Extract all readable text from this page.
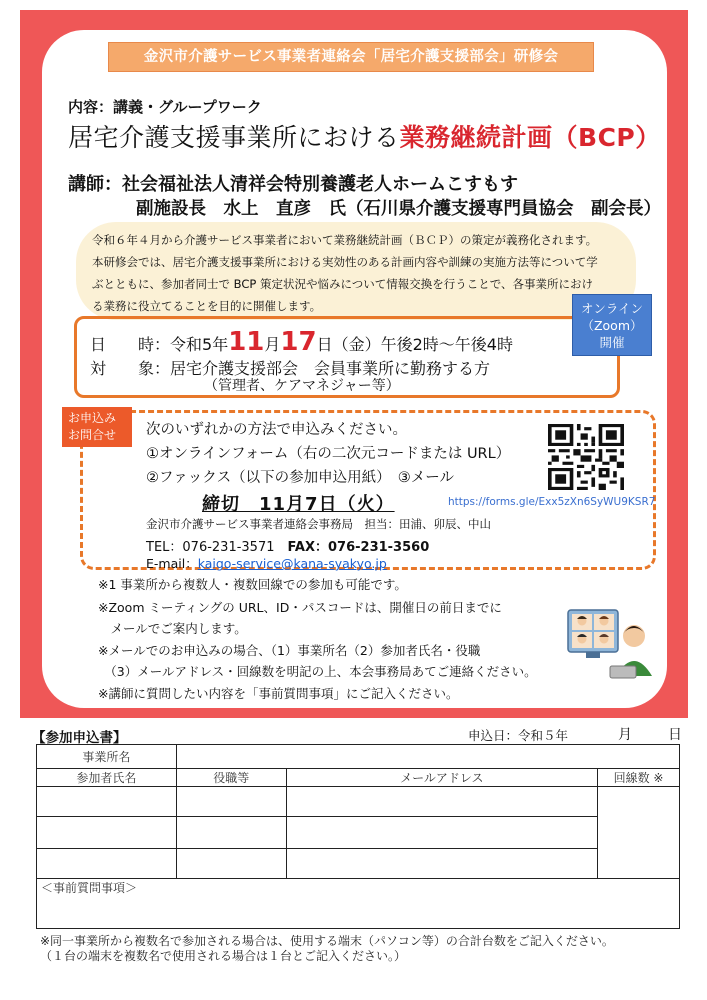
金沢市介護サービス事業者連絡会「居宅介護支援部会」研修会
内容：講義・グループワーク
居宅介護支援事業所における業務継続計画（BCP）
講師：社会福祉法人清祥会特別養護老人ホームこすもす
副施設長　水上　直彦　氏（石川県介護支援専門員協会　副会長）
令和６年４月から介護サービス事業者において業務継続計画（ＢＣＰ）の策定が義務化されます。
本研修会では、居宅介護支援事業所における実効性のある計画内容や訓練の実施方法等について学
ぶとともに、参加者同士で BCP 策定状況や悩みについて情報交換を行うことで、各事業所におけ
る業務に役立てることを目的に開催します。
日　　時：令和5年11月17日（金）午後2時～午後4時
対　　象：居宅介護支援部会　会員事業所に勤務する方
（管理者、ケアマネジャー等）
オンライン
（Zoom）
開催
お申込み
お問合せ	次のいずれかの方法で申込みください。
①オンラインフォーム（右の二次元コードまたは URL）
②ファックス（以下の参加申込用紙）　③メール
https://forms.gle/Exx5zXn6SyWU9KSR7
締切　11月7日（火）
金沢市介護サービス事業者連絡会事務局　担当：田浦、卯辰、中山
TEL：076-231-3571　 FAX：076-231-3560
E-mail：kaigo-service@kana-syakyo.jp
※1 事業所から複数人・複数回線での参加も可能です。
※Zoom ミーティングの URL、ID・パスコードは、開催日の前日までに
　メールでご案内します。
※メールでのお申込みの場合、（1）事業所名（2）参加者氏名・役職
　（3）メールアドレス・回線数を明記の上、本会事務局あてご連絡ください。
※講師に質問したい内容を「事前質問事項」にご記入ください。
【参加申込書】	申込日：令和５年	月	日
事業所名			
参加者氏名	役職等	メールアドレス	回線数 ※

＜事前質問事項＞			
※同一事業所から複数名で参加される場合は、使用する端末（パソコン等）の合計台数をご記入ください。
（１台の端末を複数名で使用される場合は１台とご記入ください。）
